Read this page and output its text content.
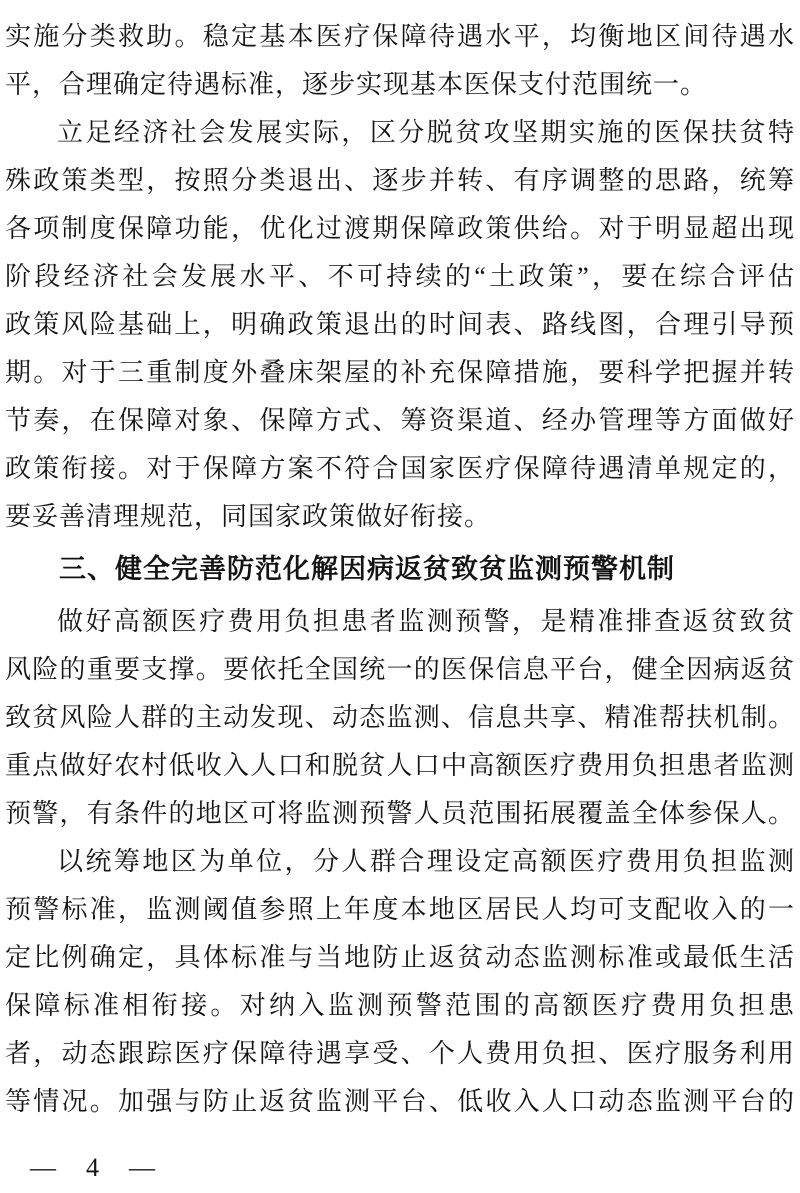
实施分类救助。稳定基本医疗保障待遇水平，均衡地区间待遇水
平，合理确定待遇标准，逐步实现基本医保支付范围统一。
立足经济社会发展实际，区分脱贫攻坚期实施的医保扶贫特
殊政策类型，按照分类退出、逐步并转、有序调整的思路，统筹
各项制度保障功能，优化过渡期保障政策供给。对于明显超出现
阶段经济社会发展水平、不可持续的“土政策”，要在综合评估
政策风险基础上，明确政策退出的时间表、路线图，合理引导预
期。对于三重制度外叠床架屋的补充保障措施，要科学把握并转
节奏，在保障对象、保障方式、筹资渠道、经办管理等方面做好
政策衔接。对于保障方案不符合国家医疗保障待遇清单规定的，
要妥善清理规范，同国家政策做好衔接。
三、健全完善防范化解因病返贫致贫监测预警机制
做好高额医疗费用负担患者监测预警，是精准排查返贫致贫
风险的重要支撑。要依托全国统一的医保信息平台，健全因病返贫
致贫风险人群的主动发现、动态监测、信息共享、精准帮扶机制。
重点做好农村低收入人口和脱贫人口中高额医疗费用负担患者监测
预警，有条件的地区可将监测预警人员范围拓展覆盖全体参保人。
以统筹地区为单位，分人群合理设定高额医疗费用负担监测
预警标准，监测阈值参照上年度本地区居民人均可支配收入的一
定比例确定，具体标准与当地防止返贫动态监测标准或最低生活
保障标准相衔接。对纳入监测预警范围的高额医疗费用负担患
者，动态跟踪医疗保障待遇享受、个人费用负担、医疗服务利用
等情况。加强与防止返贫监测平台、低收入人口动态监测平台的
— 4 —
